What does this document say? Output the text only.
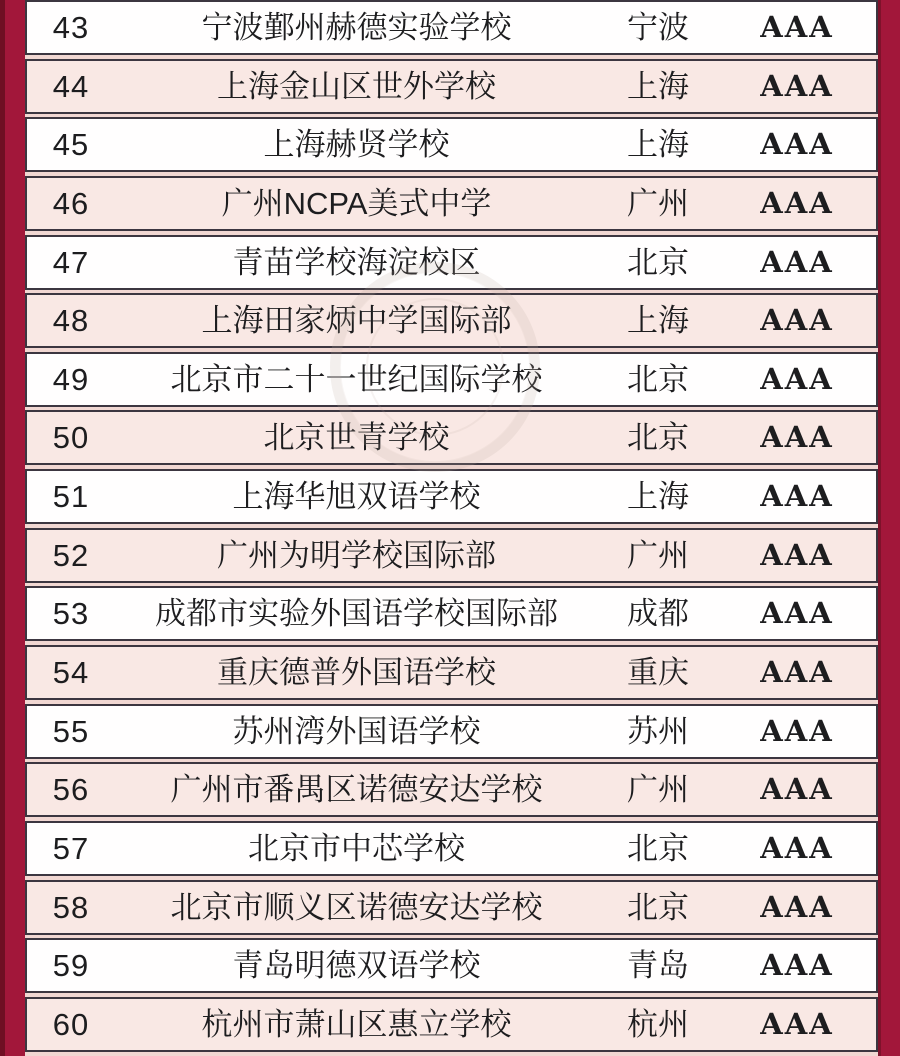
43	宁波鄞州赫德实验学校	宁波	AAA
44	上海金山区世外学校	上海	AAA
45	上海赫贤学校	上海	AAA
46	广州NCPA美式中学	广州	AAA
47	青苗学校海淀校区	北京	AAA
48	上海田家炳中学国际部	上海	AAA
49	北京市二十一世纪国际学校	北京	AAA
50	北京世青学校	北京	AAA
51	上海华旭双语学校	上海	AAA
52	广州为明学校国际部	广州	AAA
53	成都市实验外国语学校国际部	成都	AAA
54	重庆德普外国语学校	重庆	AAA
55	苏州湾外国语学校	苏州	AAA
56	广州市番禺区诺德安达学校	广州	AAA
57	北京市中芯学校	北京	AAA
58	北京市顺义区诺德安达学校	北京	AAA
59	青岛明德双语学校	青岛	AAA
60	杭州市萧山区惠立学校	杭州	AAA
